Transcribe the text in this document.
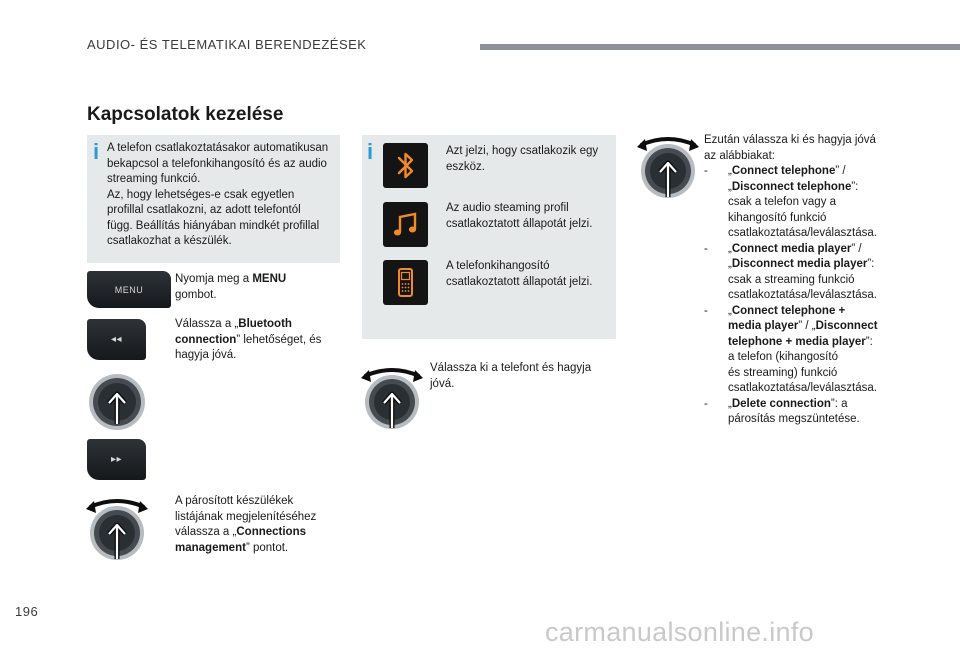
AUDIO- ÉS TELEMATIKAI BERENDEZÉSEK
Kapcsolatok kezelése
i A telefon csatlakoztatásakor automatikusan
bekapcsol a telefonkihangosító és az audio
streaming funkció.
Az, hogy lehetséges-e csak egyetlen
profillal csatlakozni, az adott telefontól
függ. Beállítás hiányában mindkét profillal
csatlakozhat a készülék.
i	Azt jelzi, hogy csatlakozik egy
eszköz.
Az audio steaming profil
csatlakoztatott állapotát jelzi.
A telefonkihangosító
csatlakoztatott állapotát jelzi.
MENU
Nyomja meg a MENU
gombot.
◂◂
Válassza a „Bluetooth
connection” lehetőséget, és
hagyja jóvá.
▸▸
A párosított készülékek
listájának megjelenítéséhez
válassza a „Connections
management” pontot.
Válassza ki a telefont és hagyja
jóvá.
Ezután válassza ki és hagyja jóvá
az alábbiakat:
-	„Connect telephone” /
„Disconnect telephone”:
csak a telefon vagy a
kihangosító funkció
csatlakoztatása/leválasztása.
-	„Connect media player” /
„Disconnect media player”:
csak a streaming funkció
csatlakoztatása/leválasztása.
-	„Connect telephone +
media player” / „Disconnect
telephone + media player”:
a telefon (kihangosító
és streaming) funkció
csatlakoztatása/leválasztása.
-	„Delete connection”: a
párosítás megszüntetése.
196
carmanualsonline.info
